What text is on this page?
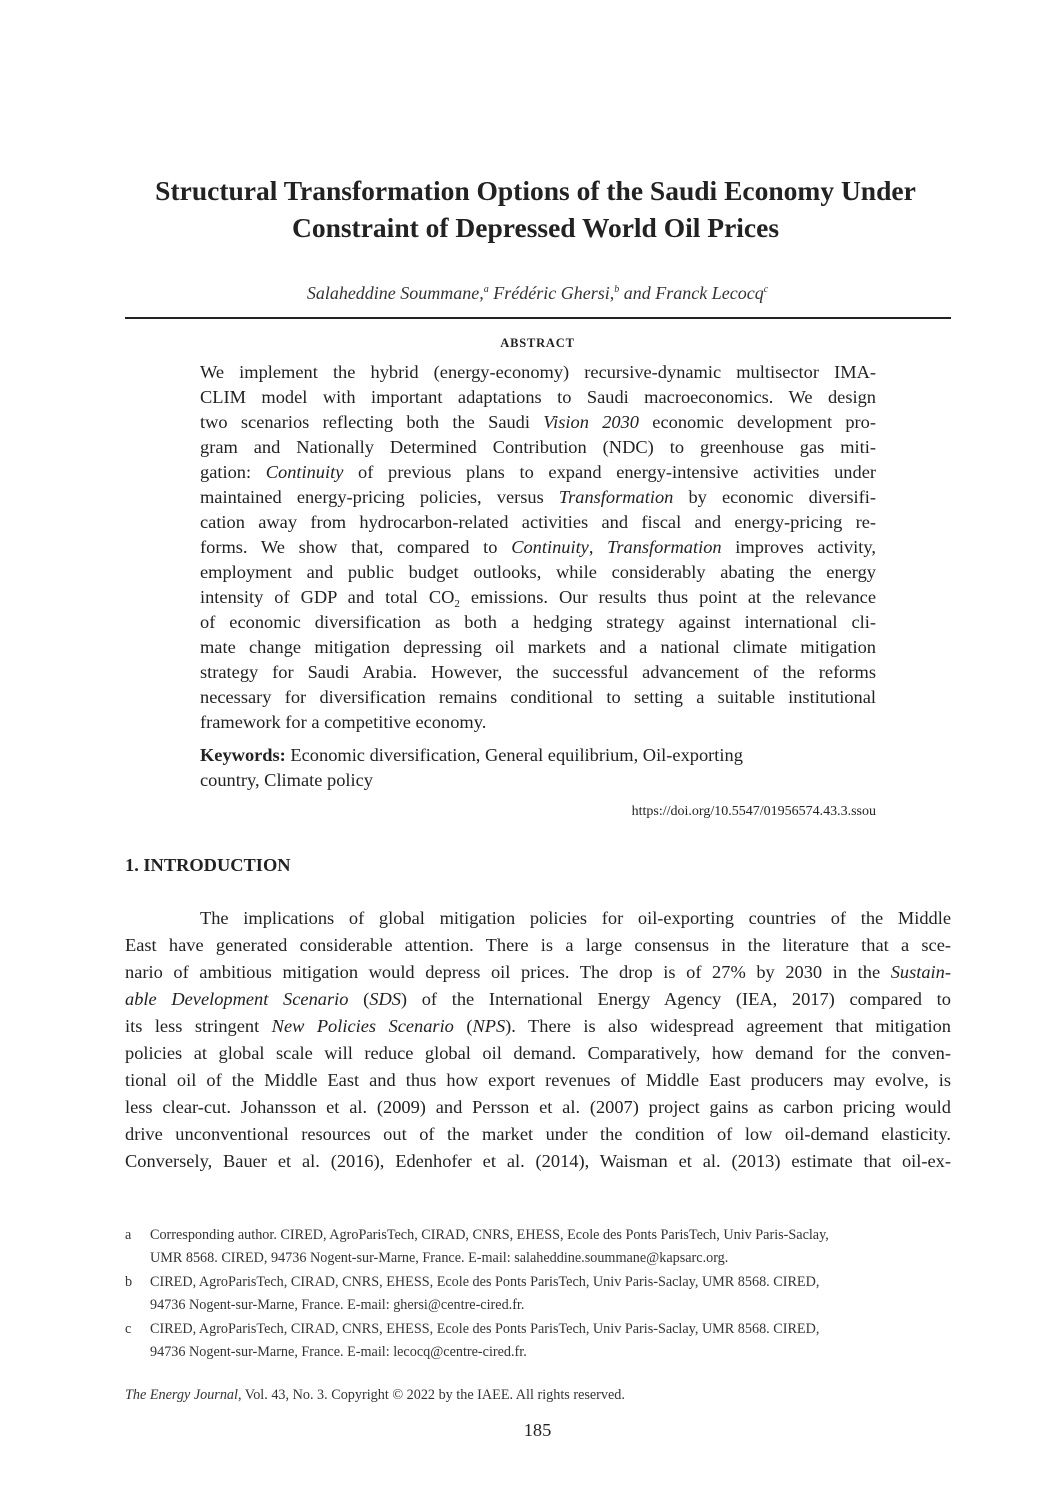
Structural Transformation Options of the Saudi Economy Under
Constraint of Depressed World Oil Prices
Salaheddine Soummane,$^a$ Frédéric Ghersi,$^b$ and Franck Lecocq$^c$
ABSTRACT
We implement the hybrid (energy-economy) recursive-dynamic multisector IMA-
CLIM model with important adaptations to Saudi macroeconomics. We design
two scenarios reflecting both the Saudi Vision 2030 economic development pro-
gram and Nationally Determined Contribution (NDC) to greenhouse gas miti-
gation: Continuity of previous plans to expand energy-intensive activities under
maintained energy-pricing policies, versus Transformation by economic diversifi-
cation away from hydrocarbon-related activities and fiscal and energy-pricing re-
forms. We show that, compared to Continuity, Transformation improves activity,
employment and public budget outlooks, while considerably abating the energy
intensity of GDP and total $CO_2$ emissions. Our results thus point at the relevance
of economic diversification as both a hedging strategy against international cli-
mate change mitigation depressing oil markets and a national climate mitigation
strategy for Saudi Arabia. However, the successful advancement of the reforms
necessary for diversification remains conditional to setting a suitable institutional
framework for a competitive economy.
Keywords: Economic diversification, General equilibrium, Oil-exporting
country, Climate policy
https://doi.org/10.5547/01956574.43.3.ssou
1. INTRODUCTION
The implications of global mitigation policies for oil-exporting countries of the Middle
East have generated considerable attention. There is a large consensus in the literature that a sce-
nario of ambitious mitigation would depress oil prices. The drop is of 27% by 2030 in the Sustain-
able Development Scenario (SDS) of the International Energy Agency (IEA, 2017) compared to
its less stringent New Policies Scenario (NPS). There is also widespread agreement that mitigation
policies at global scale will reduce global oil demand. Comparatively, how demand for the conven-
tional oil of the Middle East and thus how export revenues of Middle East producers may evolve, is
less clear-cut. Johansson et al. (2009) and Persson et al. (2007) project gains as carbon pricing would
drive unconventional resources out of the market under the condition of low oil-demand elasticity.
Conversely, Bauer et al. (2016), Edenhofer et al. (2014), Waisman et al. (2013) estimate that oil-ex-
a Corresponding author. CIRED, AgroParisTech, CIRAD, CNRS, EHESS, Ecole des Ponts ParisTech, Univ Paris-Saclay,
UMR 8568. CIRED, 94736 Nogent-sur-Marne, France. E-mail: salaheddine.soummane@kapsarc.org.
b CIRED, AgroParisTech, CIRAD, CNRS, EHESS, Ecole des Ponts ParisTech, Univ Paris-Saclay, UMR 8568. CIRED,
94736 Nogent-sur-Marne, France. E-mail: ghersi@centre-cired.fr.
c CIRED, AgroParisTech, CIRAD, CNRS, EHESS, Ecole des Ponts ParisTech, Univ Paris-Saclay, UMR 8568. CIRED,
94736 Nogent-sur-Marne, France. E-mail: lecocq@centre-cired.fr.
The Energy Journal, Vol. 43, No. 3. Copyright © 2022 by the IAEE. All rights reserved.
185
